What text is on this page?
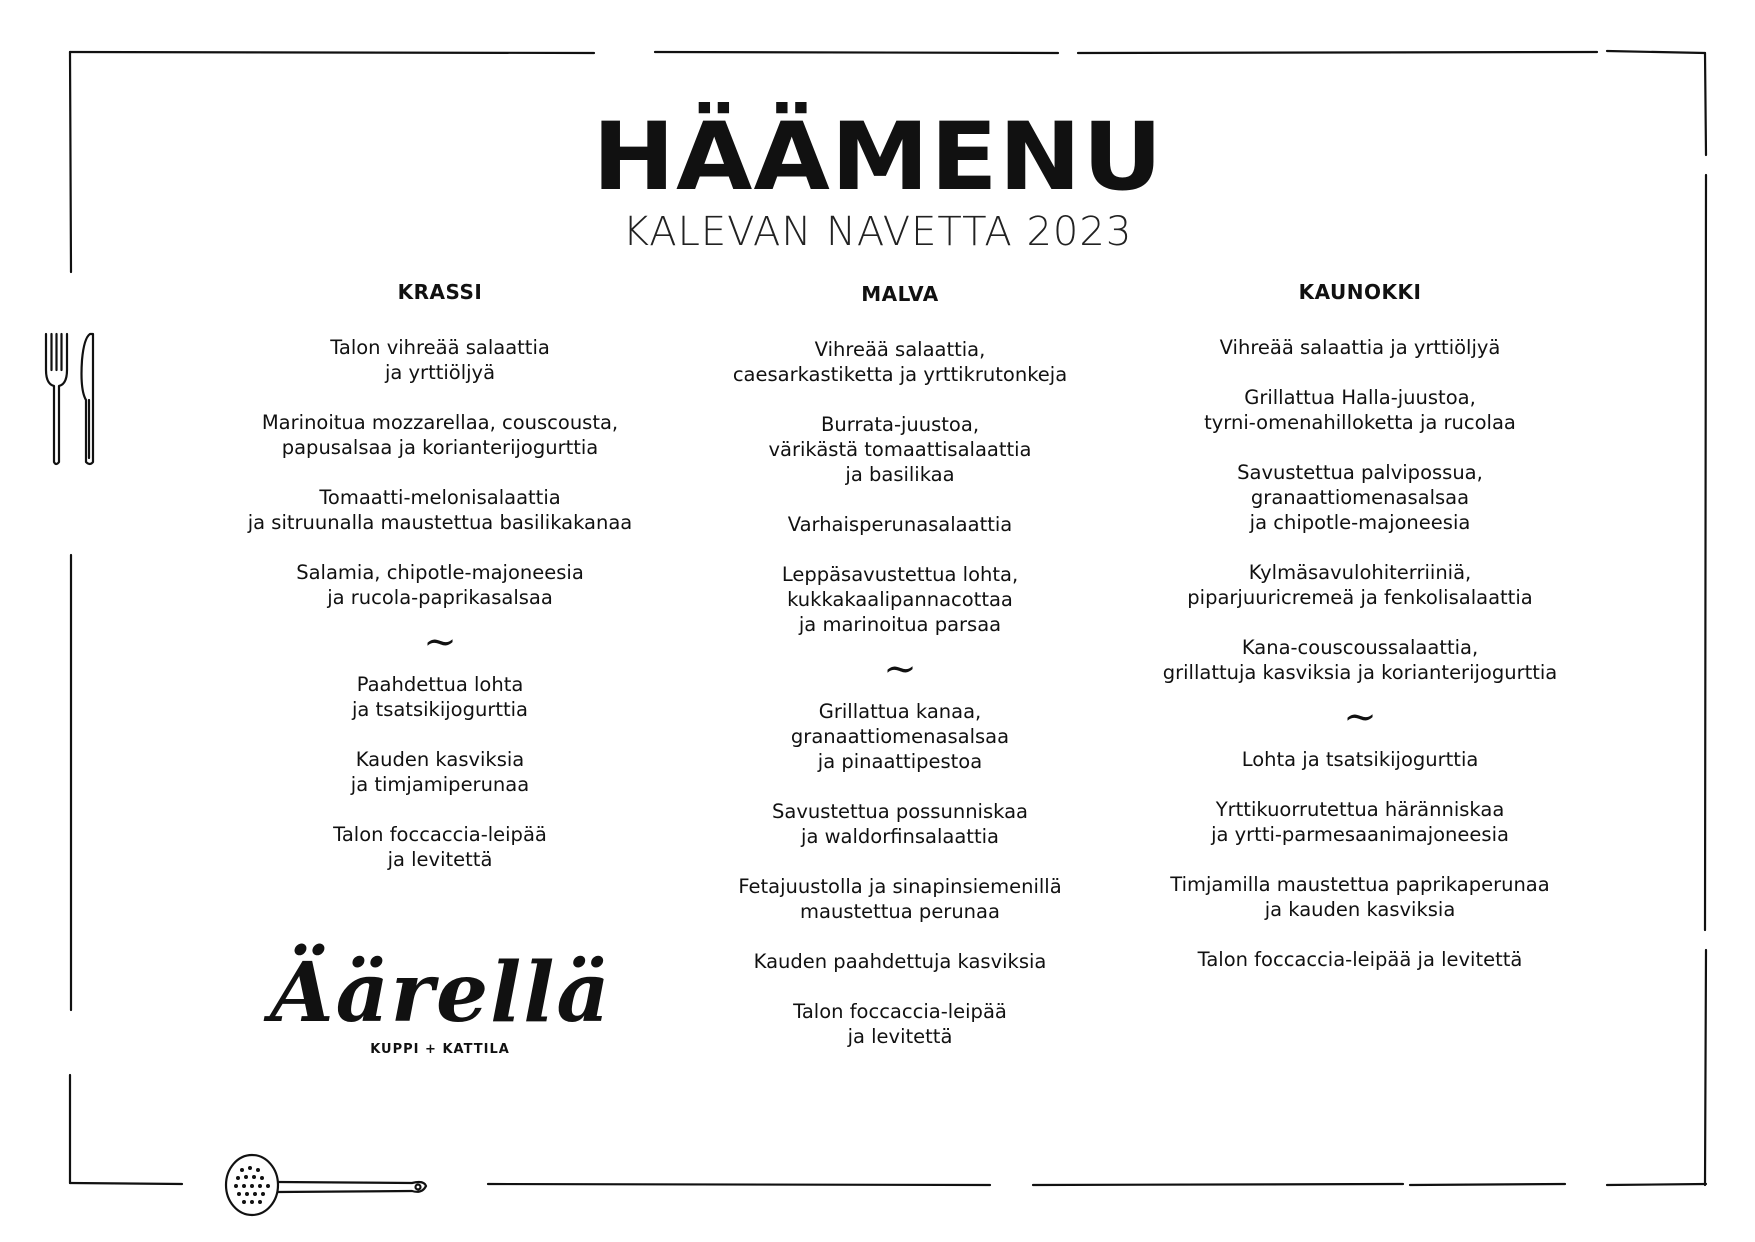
HÄÄMENU
KALEVAN NAVETTA 2023
KRASSI
Talon vihreää salaattia
ja yrttiöljyä
Marinoitua mozzarellaa, couscousta,
papusalsaa ja korianterijogurttia
Tomaatti-melonisalaattia
ja sitruunalla maustettua basilikakanaa
Salamia, chipotle-majoneesia
ja rucola-paprikasalsaa
~
Paahdettua lohta
ja tsatsikijogurttia
Kauden kasviksia
ja timjamiperunaa
Talon foccaccia-leipää
ja levitettä
MALVA
Vihreää salaattia,
caesarkastiketta ja yrttikrutonkeja
Burrata-juustoa,
värikästä tomaattisalaattia
ja basilikaa
Varhaisperunasalaattia
Leppäsavustettua lohta,
kukkakaalipannacottaa
ja marinoitua parsaa
~
Grillattua kanaa,
granaattiomenasalsaa
ja pinaattipestoa
Savustettua possunniskaa
ja waldorfinsalaattia
Fetajuustolla ja sinapinsiemenillä
maustettua perunaa
Kauden paahdettuja kasviksia
Talon foccaccia-leipää
ja levitettä
KAUNOKKI
Vihreää salaattia ja yrttiöljyä
Grillattua Halla-juustoa,
tyrni-omenahilloketta ja rucolaa
Savustettua palvipossua,
granaattiomenasalsaa
ja chipotle-majoneesia
Kylmäsavulohiterriiniä,
piparjuuricremeä ja fenkolisalaattia
Kana-couscoussalaattia,
grillattuja kasviksia ja korianterijogurttia
~
Lohta ja tsatsikijogurttia
Yrttikuorrutettua häränniskaa
ja yrtti-parmesaanimajoneesia
Timjamilla maustettua paprikaperunaa
ja kauden kasviksia
Talon foccaccia-leipää ja levitettä
Äärellä
KUPPI + KATTILA
